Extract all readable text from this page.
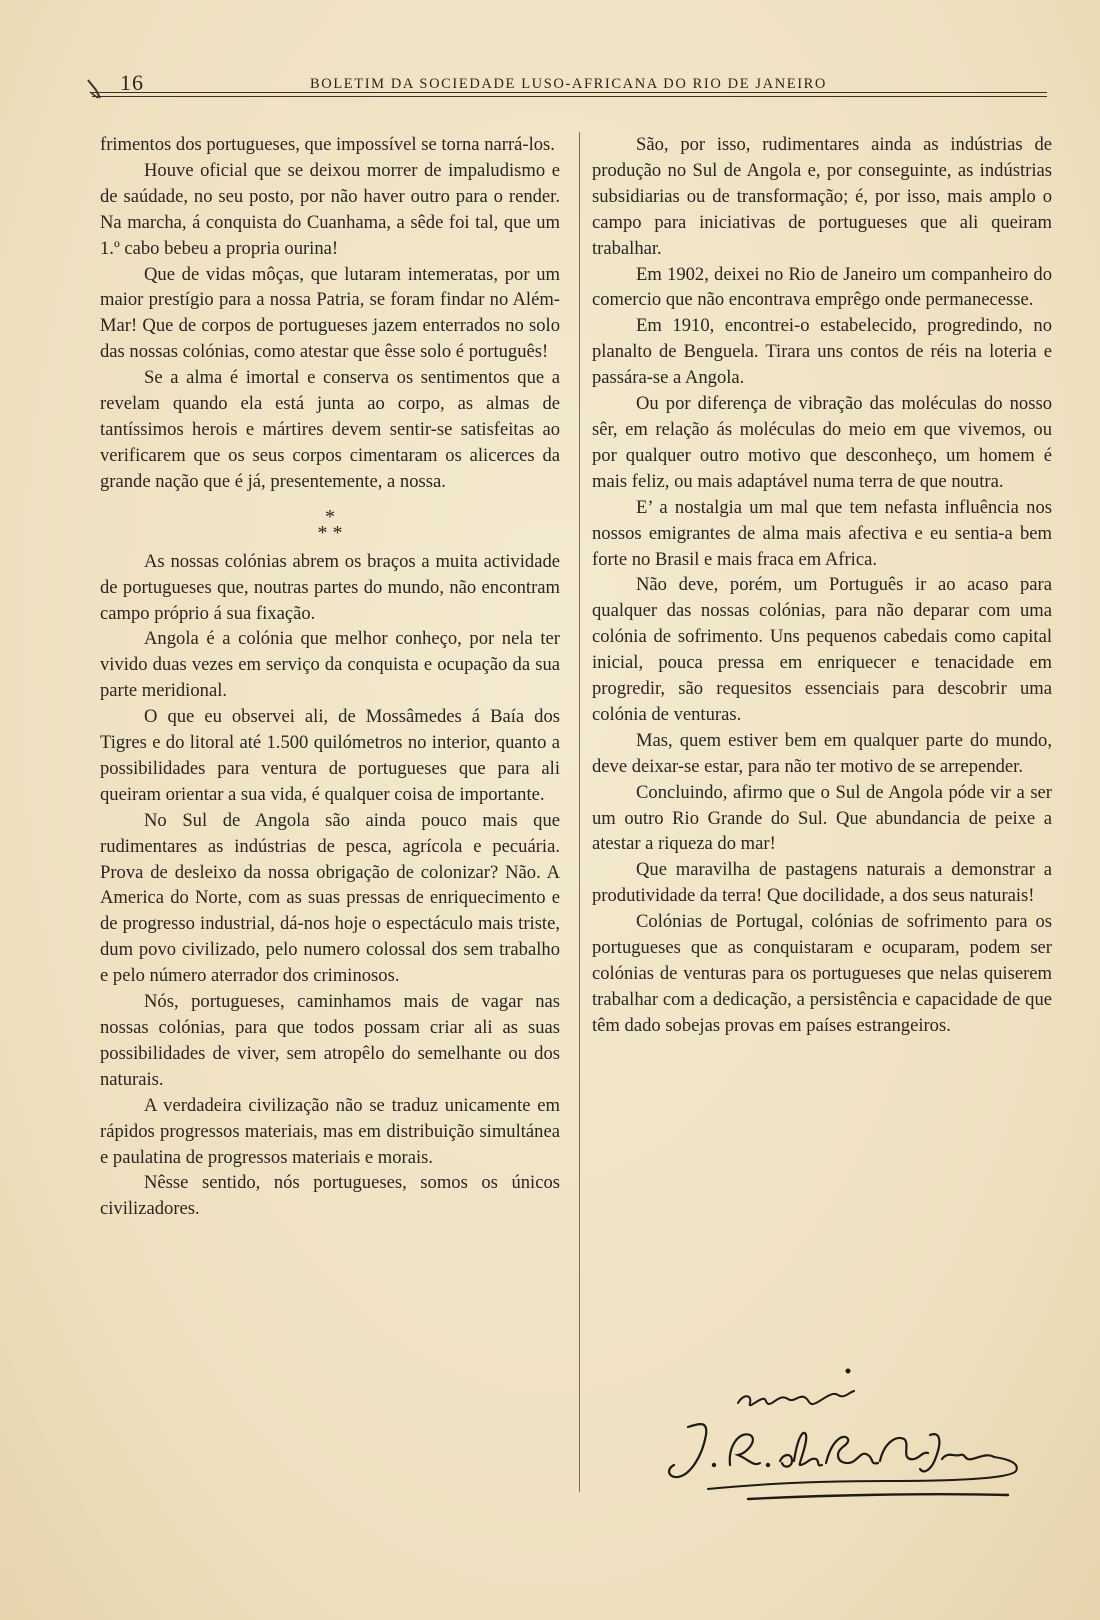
16	BOLETIM DA SOCIEDADE LUSO-AFRICANA DO RIO DE JANEIRO

frimentos dos portugueses, que impossível se torna narrá-los.

Houve oficial que se deixou morrer de impaludismo e de saúdade, no seu posto, por não haver outro para o render. Na marcha, á conquista do Cuanhama, a sêde foi tal, que um 1.º cabo bebeu a propria ourina!

Que de vidas môças, que lutaram intemeratas, por um maior prestígio para a nossa Patria, se foram findar no Além-Mar! Que de corpos de portugueses jazem enterrados no solo das nossas colónias, como atestar que êsse solo é português!

Se a alma é imortal e conserva os sentimentos que a revelam quando ela está junta ao corpo, as almas de tantíssimos herois e mártires devem sentir-se satisfeitas ao verificarem que os seus corpos cimentaram os alicerces da grande nação que é já, presentemente, a nossa.

*
* *

As nossas colónias abrem os braços a muita actividade de portugueses que, noutras partes do mundo, não encontram campo próprio á sua fixação.

Angola é a colónia que melhor conheço, por nela ter vivido duas vezes em serviço da conquista e ocupação da sua parte meridional.

O que eu observei ali, de Mossâmedes á Baía dos Tigres e do litoral até 1.500 quilómetros no interior, quanto a possibilidades para ventura de portugueses que para ali queiram orientar a sua vida, é qualquer coisa de importante.

No Sul de Angola são ainda pouco mais que rudimentares as indústrias de pesca, agrícola e pecuária. Prova de desleixo da nossa obrigação de colonizar? Não. A America do Norte, com as suas pressas de enriquecimento e de progresso industrial, dá-nos hoje o espectáculo mais triste, dum povo civilizado, pelo numero colossal dos sem trabalho e pelo número aterrador dos criminosos.

Nós, portugueses, caminhamos mais de vagar nas nossas colónias, para que todos possam criar ali as suas possibilidades de viver, sem atropêlo do semelhante ou dos naturais.

A verdadeira civilização não se traduz unicamente em rápidos progressos materiais, mas em distribuição simultánea e paulatina de progressos materiais e morais.

Nêsse sentido, nós portugueses, somos os únicos civilizadores.

São, por isso, rudimentares ainda as indústrias de produção no Sul de Angola e, por conseguinte, as indústrias subsidiarias ou de transformação; é, por isso, mais amplo o campo para iniciativas de portugueses que ali queiram trabalhar.

Em 1902, deixei no Rio de Janeiro um companheiro do comercio que não encontrava emprêgo onde permanecesse.

Em 1910, encontrei-o estabelecido, progredindo, no planalto de Benguela. Tirara uns contos de réis na loteria e passára-se a Angola.

Ou por diferença de vibração das moléculas do nosso sêr, em relação ás moléculas do meio em que vivemos, ou por qualquer outro motivo que desconheço, um homem é mais feliz, ou mais adaptável numa terra de que noutra.

E’ a nostalgia um mal que tem nefasta influência nos nossos emigrantes de alma mais afectiva e eu sentia-a bem forte no Brasil e mais fraca em Africa.

Não deve, porém, um Português ir ao acaso para qualquer das nossas colónias, para não deparar com uma colónia de sofrimento. Uns pequenos cabedais como capital inicial, pouca pressa em enriquecer e tenacidade em progredir, são requesitos essenciais para descobrir uma colónia de venturas.

Mas, quem estiver bem em qualquer parte do mundo, deve deixar-se estar, para não ter motivo de se arrepender.

Concluindo, afirmo que o Sul de Angola póde vir a ser um outro Rio Grande do Sul. Que abundancia de peixe a atestar a riqueza do mar!

Que maravilha de pastagens naturais a demonstrar a produtividade da terra! Que docilidade, a dos seus naturais!

Colónias de Portugal, colónias de sofrimento para os portugueses que as conquistaram e ocuparam, podem ser colónias de venturas para os portugueses que nelas quiserem trabalhar com a dedicação, a persistência e capacidade de que têm dado sobejas provas em países estrangeiros.
